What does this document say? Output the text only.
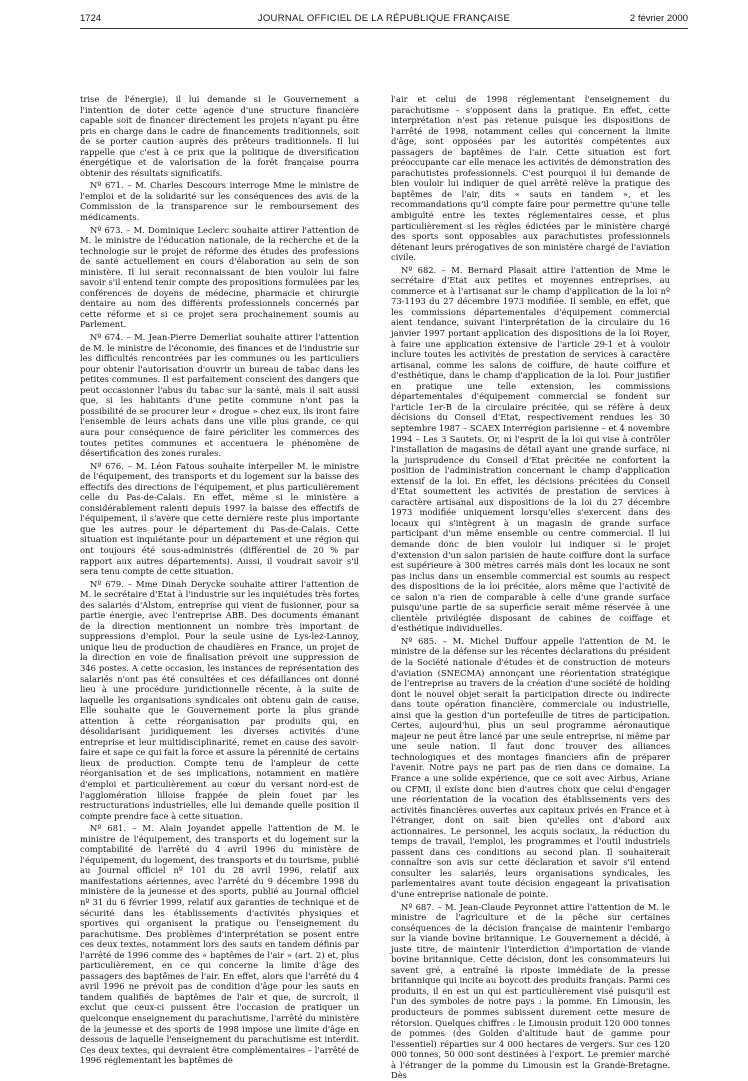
1724	JOURNAL OFFICIEL DE LA RÉPUBLIQUE FRANÇAISE	2 février 2000

trise de l'énergie), il lui demande si le Gouvernement a l'intention de doter cette agence d'une structure financière capable soit de financer directement les projets n'ayant pu être pris en charge dans le cadre de financements traditionnels, soit de se porter caution auprès des prêteurs traditionnels. Il lui rappelle que c'est à ce prix que la politique de diversification énergétique et de valorisation de la forêt française pourra obtenir des résultats significatifs.

Nº 671. – M. Charles Descours interroge Mme le ministre de l'emploi et de la solidarité sur les conséquences des avis de la Commission de la transparence sur le remboursement des médicaments.

Nº 673. – M. Dominique Leclerc souhaite attirer l'attention de M. le ministre de l'éducation nationale, de la recherche et de la technologie sur le projet de réforme des études des professions de santé actuellement en cours d'élaboration au sein de son ministère. Il lui serait reconnaissant de bien vouloir lui faire savoir s'il entend tenir compte des propositions formulées par les conférences de doyens de médecine, pharmacie et chirurgie dentaire au nom des différents professionnels concernés par cette réforme et si ce projet sera prochainement soumis au Parlement.

Nº 674. – M. Jean-Pierre Demerliat souhaite attirer l'attention de M. le ministre de l'économie, des finances et de l'industrie sur les difficultés rencontrées par les communes ou les particuliers pour obtenir l'autorisation d'ouvrir un bureau de tabac dans les petites communes. Il est parfaitement conscient des dangers que peut occasionner l'abus du tabac sur la santé, mais il sait aussi que, si les habitants d'une petite commune n'ont pas la possibilité de se procurer leur « drogue » chez eux, ils iront faire l'ensemble de leurs achats dans une ville plus grande, ce qui aura pour conséquence de faire péricliter les commerces des toutes petites communes et accentuera le phénomène de désertification des zones rurales.

Nº 676. – M. Léon Fatous souhaite interpeller M. le ministre de l'équipement, des transports et du logement sur la baisse des effectifs des directions de l'équipement, et plus particulièrement celle du Pas-de-Calais. En effet, même si le ministère a considérablement ralenti depuis 1997 la baisse des effectifs de l'équipement, il s'avère que cette dernière reste plus importante que les autres pour le département du Pas-de-Calais. Cette situation est inquiétante pour un département et une région qui ont toujours été sous-administrés (différentiel de 20 % par rapport aux autres départements). Aussi, il voudrait savoir s'il sera tenu compte de cette situation.

Nº 679. – Mme Dinah Derycke souhaite attirer l'attention de M. le secrétaire d'Etat à l'industrie sur les inquiétudes très fortes des salariés d'Alstom, entreprise qui vient de fusionner, pour sa partie énergie, avec l'entreprise ABB. Des documents émanant de la direction mentionnent un nombre très important de suppressions d'emploi. Pour la seule usine de Lys-lez-Lannoy, unique lieu de production de chaudières en France, un projet de la direction en voie de finalisation prévoit une suppression de 346 postes. A cette occasion, les instances de représentation des salariés n'ont pas été consultées et ces défaillances ont donné lieu à une procédure juridictionnelle récente, à la suite de laquelle les organisations syndicales ont obtenu gain de cause. Elle souhaite que le Gouvernement porte la plus grande attention à cette réorganisation par produits qui, en désolidarisant juridiquement les diverses activités d'une entreprise et leur multidisciplinarité, remet en cause des savoir-faire et sape ce qui fait la force et assure la pérennité de certains lieux de production. Compte tenu de l'ampleur de cette réorganisation et de ses implications, notamment en matière d'emploi et particulièrement au cœur du versant nord-est de l'agglomération lilloise frappée de plein fouet par les restructurations industrielles, elle lui demande quelle position il compte prendre face à cette situation.

Nº 681. – M. Alain Joyandet appelle l'attention de M. le ministre de l'équipement, des transports et du logement sur la comptabilité de l'arrêté du 4 avril 1996 du ministère de l'équipement, du logement, des transports et du tourisme, publié au Journal officiel nº 101 du 28 avril 1996, relatif aux manifestations aériennes, avec l'arrêté du 9 décembre 1998 du ministère de la jeunesse et des sports, publié au Journal officiel nº 31 du 6 février 1999, relatif aux garanties de technique et de sécurité dans les établissements d'activités physiques et sportives qui organisent la pratique ou l'enseignement du parachutisme. Des problèmes d'interprétation se posent entre ces deux textes, notamment lors des sauts en tandem définis par l'arrêté de 1996 comme des « baptêmes de l'air » (art. 2) et, plus particulièrement, en ce qui concerne la limite d'âge des passagers des baptêmes de l'air. En effet, alors que l'arrêté du 4 avril 1996 ne prévoit pas de condition d'âge pour les sauts en tandem qualifiés de baptêmes de l'air et que, de surcroît, il exclut que ceux-ci puissent être l'occasion de pratiquer un quelconque enseignement du parachutisme, l'arrêté du ministère de la jeunesse et des sports de 1998 impose une limite d'âge en dessous de laquelle l'enseignement du parachutisme est interdit. Ces deux textes, qui devraient être complémentaires – l'arrêté de 1996 réglementant les baptêmes de

l'air et celui de 1998 réglementant l'enseignement du parachutisme – s'opposent dans la pratique. En effet, cette interprétation n'est pas retenue puisque les dispositions de l'arrêté de 1998, notamment celles qui concernent la limite d'âge, sont opposées par les autorités compétentes aux passagers de baptêmes de l'air. Cette situation est fort préoccupante car elle menace les activités de démonstration des parachutistes professionnels. C'est pourquoi il lui demande de bien vouloir lui indiquer de quel arrêté relève la pratique des baptêmes de l'air, dits « sauts en tandem », et les recommandations qu'il compte faire pour permettre qu'une telle ambiguïté entre les textes réglementaires cesse, et plus particulièrement si les règles édictées par le ministère chargé des sports sont opposables aux parachutistes professionnels détenant leurs prérogatives de son ministère chargé de l'aviation civile.

Nº 682. – M. Bernard Plasait attire l'attention de Mme le secrétaire d'Etat aux petites et moyennes entreprises, au commerce et à l'artisanat sur le champ d'application de la loi nº 73-1193 du 27 décembre 1973 modifiée. Il semble, en effet, que les commissions départementales d'équipement commercial aient tendance, suivant l'interprétation de la circulaire du 16 janvier 1997 portant application des dispositions de la loi Royer, à faire une application extensive de l'article 29-1 et à vouloir inclure toutes les activités de prestation de services à caractère artisanal, comme les salons de coiffure, de haute coiffure et d'esthétique, dans le champ d'application de la loi. Pour justifier en pratique une telle extension, les commissions départementales d'équipement commercial se fondent sur l'article 1er-B de la circulaire précitée, qui se réfère à deux décisions du Conseil d'Etat, respectivement rendues les 30 septembre 1987 – SCAEX Interrégion parisienne – et 4 novembre 1994 – Les 3 Sautets. Or, ni l'esprit de la loi qui vise à contrôler l'installation de magasins de détail ayant une grande surface, ni la jurisprudence du Conseil d'Etat précitée ne confortent la position de l'administration concernant le champ d'application extensif de la loi. En effet, les décisions précitées du Conseil d'Etat soumettent les activités de prestation de services à caractère artisanal aux dispositions de la loi du 27 décembre 1973 modifiée uniquement lorsqu'elles s'exercent dans des locaux qui s'intègrent à un magasin de grande surface participant d'un même ensemble ou centre commercial. Il lui demande donc de bien vouloir lui indiquer si le projet d'extension d'un salon parisien de haute coiffure dont la surface est supérieure à 300 mètres carrés mais dont les locaux ne sont pas inclus dans un ensemble commercial est soumis au respect des dispositions de la loi précitée, alors même que l'activité de ce salon n'a rien de comparable à celle d'une grande surface puisqu'une partie de sa superficie serait même réservée à une clientèle privilégiée disposant de cabines de coiffage et d'esthétique individuelles.

Nº 685. – M. Michel Duffour appelle l'attention de M. le ministre de la défense sur les récentes déclarations du président de la Société nationale d'études et de construction de moteurs d'aviation (SNECMA) annonçant une réorientation stratégique de l'entreprise au travers de la création d'une société de holding dont le nouvel objet serait la participation directe ou indirecte dans toute opération financière, commerciale ou industrielle, ainsi que la gestion d'un portefeuille de titres de participation. Certes, aujourd'hui, plus un seul programme aéronautique majeur ne peut être lancé par une seule entreprise, ni même par une seule nation. Il faut donc trouver des alliances technologiques et des montages financiers afin de préparer l'avenir. Notre pays ne part pas de rien dans ce domaine. La France a une solide expérience, que ce soit avec Airbus, Ariane ou CFMI, il existe donc bien d'autres choix que celui d'engager une réorientation de la vocation des établissements vers des activités financières ouvertes aux capitaux privés en France et à l'étranger, dont on sait bien qu'elles ont d'abord aux actionnaires. Le personnel, les acquis sociaux, la réduction du temps de travail, l'emploi, les programmes et l'outil industriels passent dans ces conditions au second plan. Il souhaiterait connaître son avis sur cette déclaration et savoir s'il entend consulter les salariés, leurs organisations syndicales, les parlementaires avant toute décision engageant la privatisation d'une entreprise nationale de pointe.

Nº 687. – M. Jean-Claude Peyronnet attire l'attention de M. le ministre de l'agriculture et de la pêche sur certaines conséquences de la décision française de maintenir l'embargo sur la viande bovine britannique. Le Gouvernement a décidé, à juste titre, de maintenir l'interdiction d'importation de viande bovine britannique. Cette décision, dont les consommateurs lui savent gré, a entraîné la riposte immédiate de la presse britannique qui incite au boycott des produits français. Parmi ces produits, il en est un qui est particulièrement visé puisqu'il est l'un des symboles de notre pays : la pomme. En Limousin, les producteurs de pommes subissent durement cette mesure de rétorsion. Quelques chiffres : le Limousin produit 120 000 tonnes de pommes (des Golden d'altitude haut de gamme pour l'essentiel) réparties sur 4 000 hectares de vergers. Sur ces 120 000 tonnes, 50 000 sont destinées à l'export. Le premier marché à l'étranger de la pomme du Limousin est la Grande-Bretagne. Dès
